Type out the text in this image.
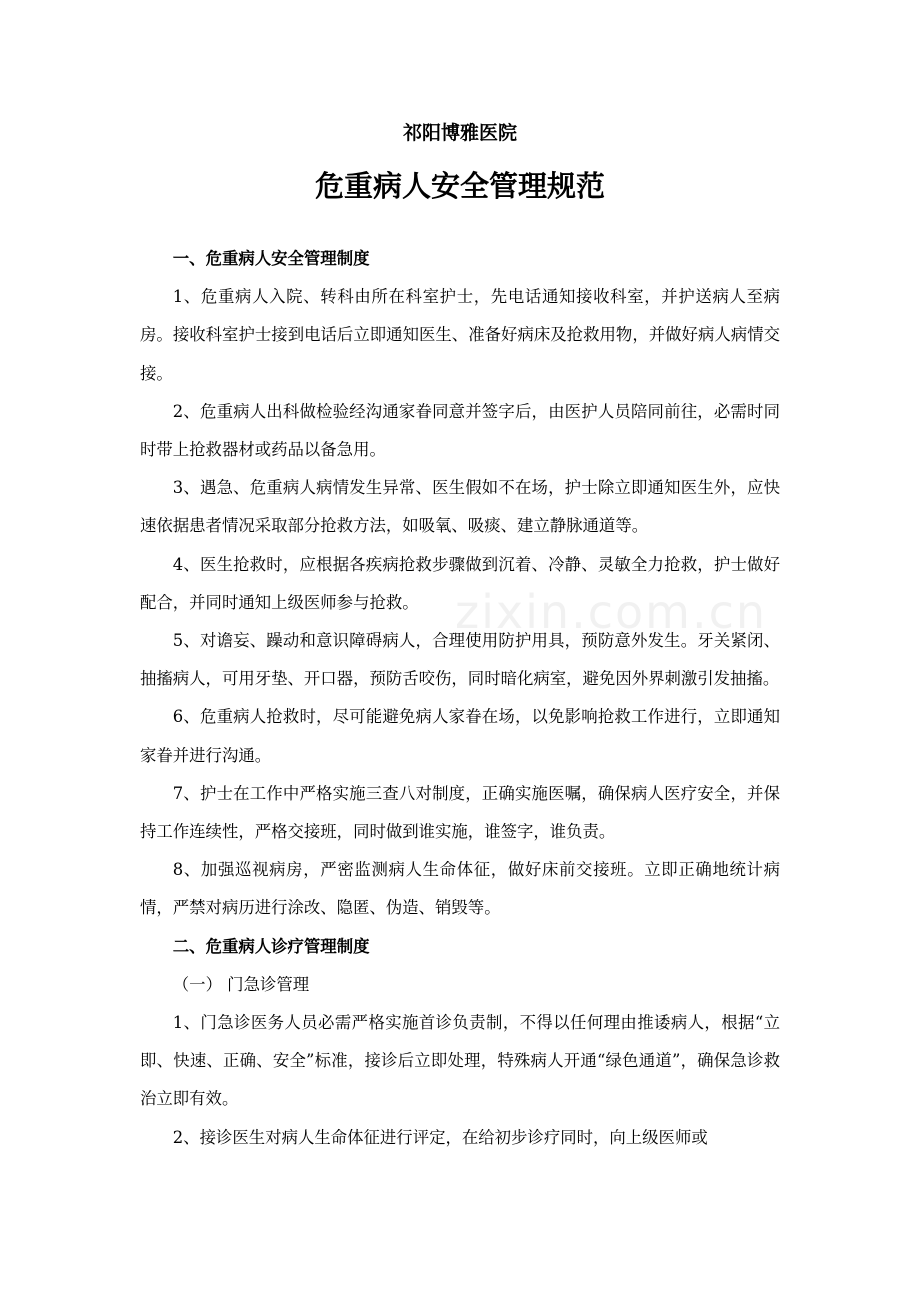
祁阳博雅医院
危重病人安全管理规范

一、危重病人安全管理制度

1、危重病人入院、转科由所在科室护士，先电话通知接收科室，并护送病人至病房。接收科室护士接到电话后立即通知医生、准备好病床及抢救用物，并做好病人病情交接。

2、危重病人出科做检验经沟通家眷同意并签字后，由医护人员陪同前往，必需时同时带上抢救器材或药品以备急用。

3、遇急、危重病人病情发生异常、医生假如不在场，护士除立即通知医生外，应快速依据患者情况采取部分抢救方法，如吸氧、吸痰、建立静脉通道等。

4、医生抢救时，应根据各疾病抢救步骤做到沉着、冷静、灵敏全力抢救，护士做好配合，并同时通知上级医师参与抢救。

5、对谵妄、躁动和意识障碍病人，合理使用防护用具，预防意外发生。牙关紧闭、抽搐病人，可用牙垫、开口器，预防舌咬伤，同时暗化病室，避免因外界刺激引发抽搐。

6、危重病人抢救时，尽可能避免病人家眷在场，以免影响抢救工作进行，立即通知家眷并进行沟通。

7、护士在工作中严格实施三查八对制度，正确实施医嘱，确保病人医疗安全，并保持工作连续性，严格交接班，同时做到谁实施，谁签字，谁负责。

8、加强巡视病房，严密监测病人生命体征，做好床前交接班。立即正确地统计病情，严禁对病历进行涂改、隐匿、伪造、销毁等。

二、危重病人诊疗管理制度

（一） 门急诊管理

1、门急诊医务人员必需严格实施首诊负责制，不得以任何理由推诿病人，根据“立即、快速、正确、安全”标准，接诊后立即处理，特殊病人开通“绿色通道”，确保急诊救治立即有效。

2、接诊医生对病人生命体征进行评定，在给初步诊疗同时，向上级医师或

zixin.com.cn
